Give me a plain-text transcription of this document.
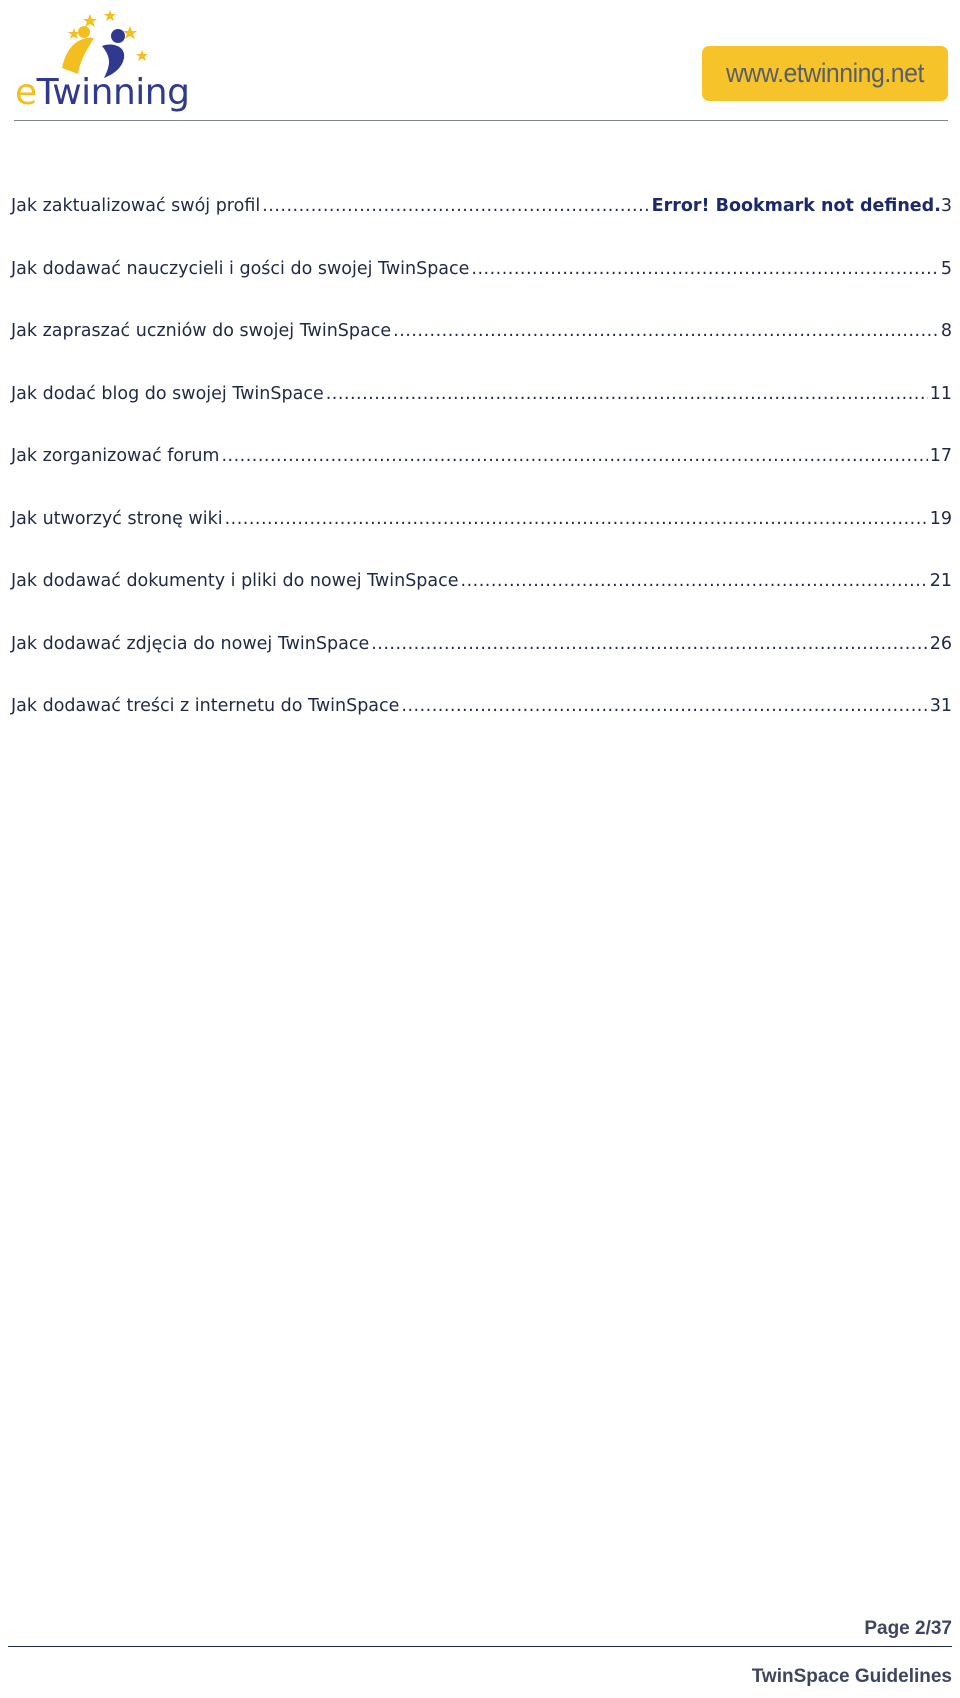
eTwinning	www.etwinning.net
Jak zaktualizować swój profil .....	Error! Bookmark not defined.3
Jak dodawać nauczycieli i gości do swojej TwinSpace .....	5
Jak zapraszać uczniów do swojej TwinSpace .....	8
Jak dodać blog do swojej TwinSpace .....	11
Jak zorganizować forum .....	17
Jak utworzyć stronę wiki .....	19
Jak dodawać dokumenty i pliki do nowej TwinSpace .....	21
Jak dodawać zdjęcia do nowej TwinSpace .....	26
Jak dodawać treści z internetu do TwinSpace .....	31
Page 2/37
TwinSpace Guidelines
